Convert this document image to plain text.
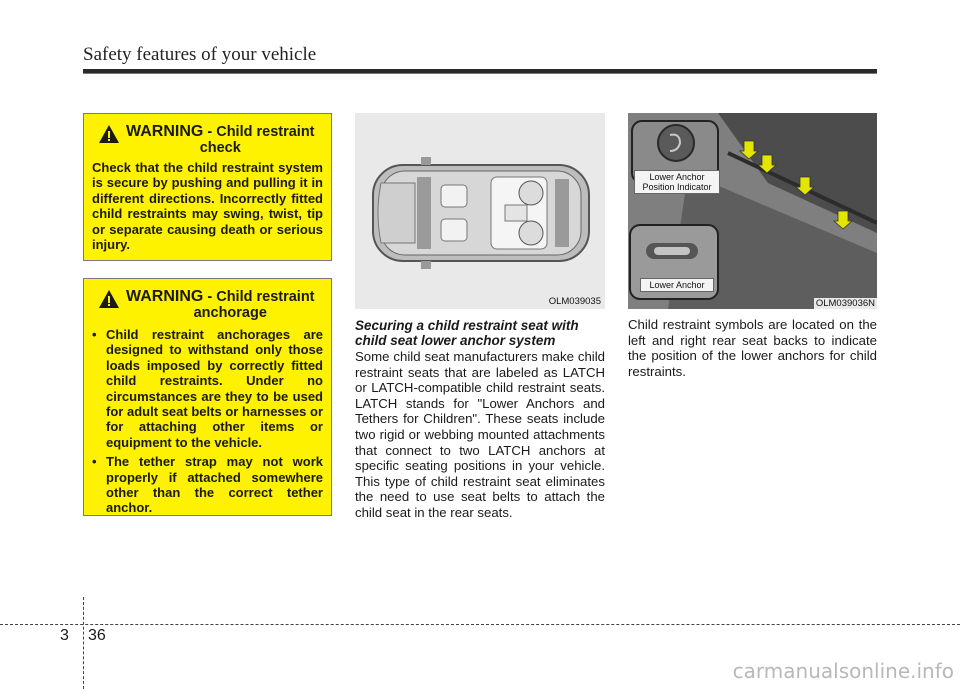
Safety features of your vehicle
WARNING - Child restraint
check
Check that the child restraint system is secure by pushing and pulling it in different directions. Incorrectly fitted child restraints may swing, twist, tip or separate causing death or serious injury.
WARNING - Child restraint
anchorage
• Child restraint anchorages are designed to withstand only those loads imposed by correctly fitted child restraints. Under no circumstances are they to be used for adult seat belts or harnesses or for attaching other items or equipment to the vehicle.
• The tether strap may not work properly if attached somewhere other than the correct tether anchor.
OLM039035
Lower Anchor
Position Indicator
Lower Anchor
OLM039036N
Securing a child restraint seat with child seat lower anchor system
Some child seat manufacturers make child restraint seats that are labeled as LATCH or LATCH-compatible child restraint seats. LATCH stands for "Lower Anchors and Tethers for Children". These seats include two rigid or webbing mounted attachments that connect to two LATCH anchors at specific seating positions in your vehicle. This type of child restraint seat eliminates the need to use seat belts to attach the child seat in the rear seats.
Child restraint symbols are located on the left and right rear seat backs to indicate the position of the lower anchors for child restraints.
3 36
carmanualsonline.info
